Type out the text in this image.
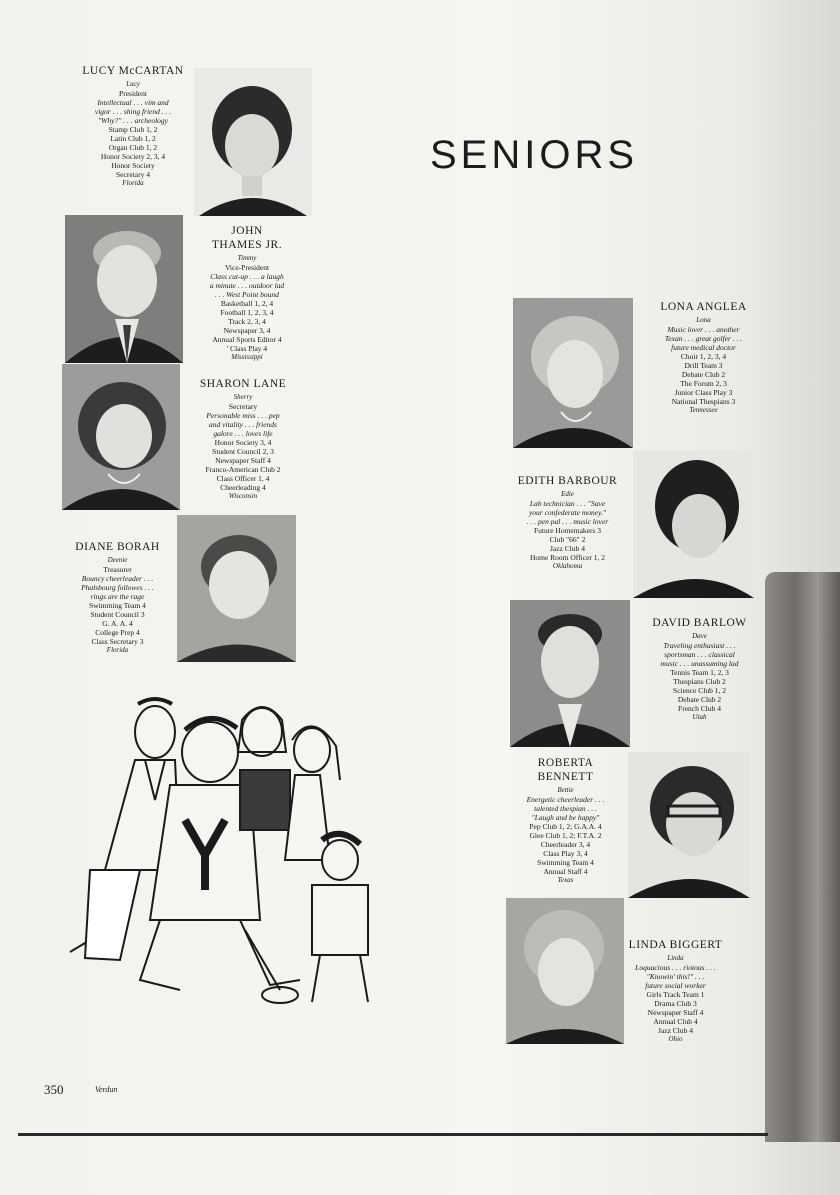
SENIORS
LUCY McCARTAN
Lucy
President
Intellectual . . . vim and
vigor . . . shing friend . . .
"Why?" . . . archeology
Stamp Club 1, 2
Latin Club 1, 2
Organ Club 1, 2
Honor Society 2, 3, 4
Honor Society
Secretary 4
Florida
JOHN
THAMES JR.
Timmy
Vice-President
Class cut-up . . . a laugh
a minute . . . outdoor lad
. . . West Point bound
Basketball 1, 2, 4
Football 1, 2, 3, 4
Track 2, 3, 4
Newspaper 3, 4
Annual Sports Editor 4
' Class Play 4
Mississippi
SHARON LANE
Sherry
Secretary
Personable miss . . . pep
and vitality . . . friends
galore . . . loves life
Honor Society 3, 4
Student Council 2, 3
Newspaper Staff 4
Franco-American Club 2
Class Officer 1, 4
Cheerleading 4
Wisconsin
DIANE BORAH
Deenie
Treasurer
Bouncy cheerleader . . .
Phalsbourg followes . . .
rings are the rage
Swimming Team 4
Student Council 3
G. A. A. 4
College Prep 4
Class Secretary 3
Florida
LONA ANGLEA
Lona
Music lover . . . another
Texan . . . great golfer . . .
future medical doctor
Choir 1, 2, 3, 4
Drill Team 3
Debate Club 2
The Forum 2, 3
Junior Class Play 3
National Thespians 3
Tennessee
EDITH BARBOUR
Edie
Lab technician . . . "Save
your confederate money."
. . . pen pal . . . music lover
Future Homemakers 3
Club "66" 2
Jazz Club 4
Home Room Officer 1, 2
Oklahoma
DAVID BARLOW
Dave
Traveling enthusiast . . .
sportsman . . . classical
music . . . unassuming lad
Tennis Team 1, 2, 3
Thespians Club 2
Science Club 1, 2
Debate Club 2
French Club 4
Utah
ROBERTA
BENNETT
Bettie
Energetic cheerleader . . .
talented thespian . . .
"Laugh and be happy"
Pep Club 1, 2; G.A.A. 4
Glee Club 1, 2; F.T.A. 2
Cheerleader 3, 4
Class Play 3, 4
Swimming Team 4
Annual Staff 4
Texas
LINDA BIGGERT
Linda
Loquacious . . . riotous . . .
"Knowin' this!" . . .
future social worker
Girls Track Team 1
Drama Club 3
Newspaper Staff 4
Annual Club 4
Jazz Club 4
Ohio
350	Verdun
